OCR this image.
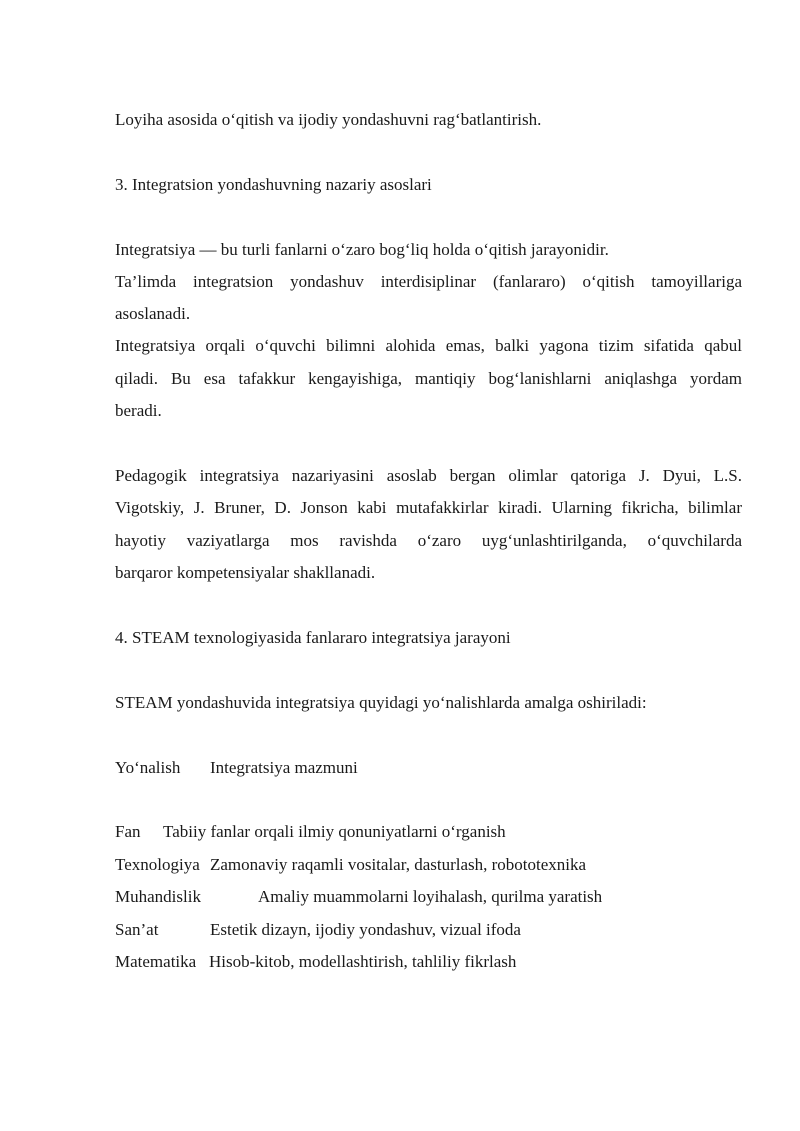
Loyiha asosida oʻqitish va ijodiy yondashuvni ragʻbatlantirish.

3. Integratsion yondashuvning nazariy asoslari

Integratsiya — bu turli fanlarni oʻzaro bogʻliq holda oʻqitish jarayonidir.

Ta’limda integratsion yondashuv interdisiplinar (fanlararo) oʻqitish tamoyillariga

asoslanadi.

Integratsiya orqali oʻquvchi bilimni alohida emas, balki yagona tizim sifatida qabul

qiladi. Bu esa tafakkur kengayishiga, mantiqiy bogʻlanishlarni aniqlashga yordam

beradi.

Pedagogik integratsiya nazariyasini asoslab bergan olimlar qatoriga J. Dyui, L.S.

Vigotskiy, J. Bruner, D. Jonson kabi mutafakkirlar kiradi. Ularning fikricha, bilimlar

hayotiy vaziyatlarga mos ravishda oʻzaro uygʻunlashtirilganda, oʻquvchilarda

barqaror kompetensiyalar shakllanadi.

4. STEAM texnologiyasida fanlararo integratsiya jarayoni

STEAM yondashuvida integratsiya quyidagi yoʻnalishlarda amalga oshiriladi:

Yoʻnalish Integratsiya mazmuni
Fan Tabiiy fanlar orqali ilmiy qonuniyatlarni oʻrganish
Texnologiya Zamonaviy raqamli vositalar, dasturlash, robototexnika
Muhandislik	Amaliy muammolarni loyihalash, qurilma yaratish
San’at	Estetik dizayn, ijodiy yondashuv, vizual ifoda
Matematika Hisob-kitob, modellashtirish, tahliliy fikrlash
